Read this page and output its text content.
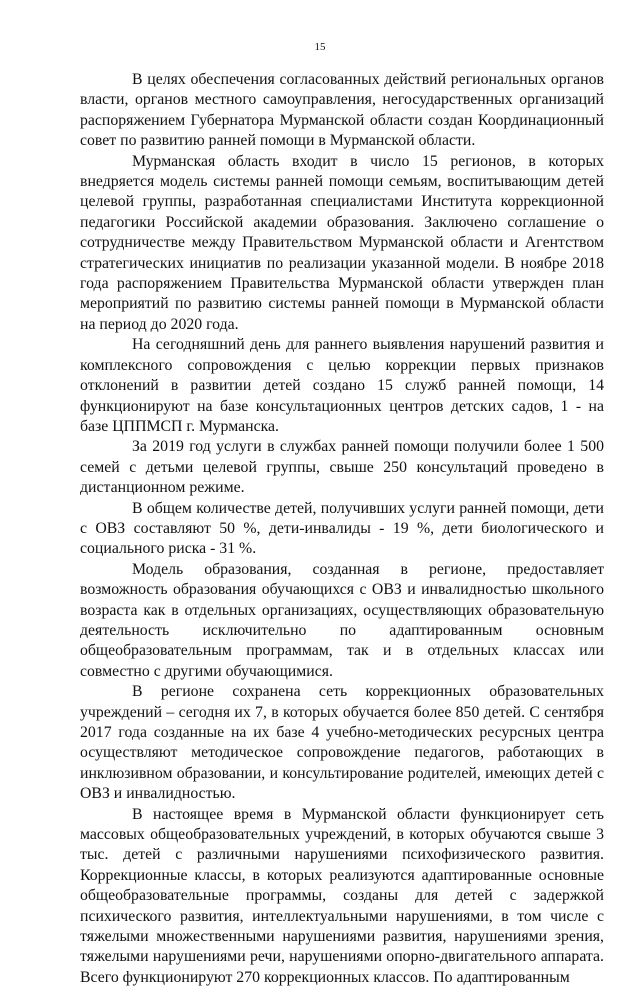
15

В целях обеспечения согласованных действий региональных органов власти, органов местного самоуправления, негосударственных организаций распоряжением Губернатора Мурманской области создан Координационный совет по развитию ранней помощи в Мурманской области.

Мурманская область входит в число 15 регионов, в которых внедряется модель системы ранней помощи семьям, воспитывающим детей целевой группы, разработанная специалистами Института коррекционной педагогики Российской академии образования. Заключено соглашение о сотрудничестве между Правительством Мурманской области и Агентством стратегических инициатив по реализации указанной модели. В ноябре 2018 года распоряжением Правительства Мурманской области утвержден план мероприятий по развитию системы ранней помощи в Мурманской области на период до 2020 года.

На сегодняшний день для раннего выявления нарушений развития и комплексного сопровождения с целью коррекции первых признаков отклонений в развитии детей создано 15 служб ранней помощи, 14 функционируют на базе консультационных центров детских садов, 1 - на базе ЦППМСП г. Мурманска.

За 2019 год услуги в службах ранней помощи получили более 1 500 семей с детьми целевой группы, свыше 250 консультаций проведено в дистанционном режиме.

В общем количестве детей, получивших услуги ранней помощи, дети с ОВЗ составляют 50 %, дети-инвалиды - 19 %, дети биологического и социального риска - 31 %.

Модель образования, созданная в регионе, предоставляет возможность образования обучающихся с ОВЗ и инвалидностью школьного возраста как в отдельных организациях, осуществляющих образовательную деятельность исключительно по адаптированным основным общеобразовательным программам, так и в отдельных классах или совместно с другими обучающимися.

В регионе сохранена сеть коррекционных образовательных учреждений – сегодня их 7, в которых обучается более 850 детей. С сентября 2017 года созданные на их базе 4 учебно-методических ресурсных центра осуществляют методическое сопровождение педагогов, работающих в инклюзивном образовании, и консультирование родителей, имеющих детей с ОВЗ и инвалидностью.

В настоящее время в Мурманской области функционирует сеть массовых общеобразовательных учреждений, в которых обучаются свыше 3 тыс. детей с различными нарушениями психофизического развития. Коррекционные классы, в которых реализуются адаптированные основные общеобразовательные программы, созданы для детей с задержкой психического развития, интеллектуальными нарушениями, в том числе с тяжелыми множественными нарушениями развития, нарушениями зрения, тяжелыми нарушениями речи, нарушениями опорно-двигательного аппарата. Всего функционируют 270 коррекционных классов. По адаптированным
